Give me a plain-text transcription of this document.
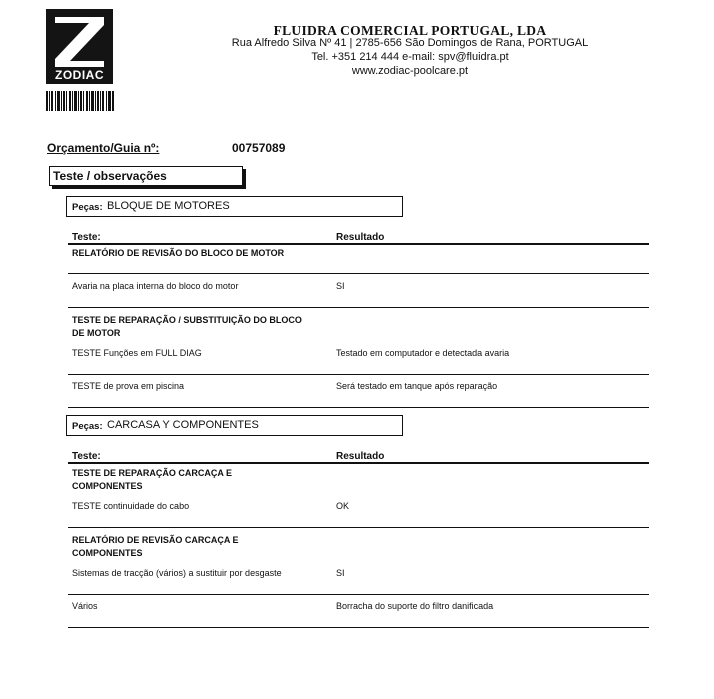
ZODIAC
FLUIDRA COMERCIAL PORTUGAL, LDA
Rua Alfredo Silva Nº 41 | 2785-656 São Domingos de Rana, PORTUGAL
Tel. +351 214 444 e-mail: spv@fluidra.pt
www.zodiac-poolcare.pt
Orçamento/Guia nº:	00757089
Teste / observações
Peças: BLOQUE DE MOTORES
Teste:	Resultado
RELATÓRIO DE REVISÃO DO BLOCO DE MOTOR
Avaria na placa interna do bloco do motor	SI
TESTE DE REPARAÇÃO / SUBSTITUIÇÃO DO BLOCO DE MOTOR
TESTE Funções em FULL DIAG	Testado em computador e detectada avaria
TESTE de prova em piscina	Será testado em tanque após reparação
Peças: CARCASA Y COMPONENTES
Teste:	Resultado
TESTE DE REPARAÇÃO CARCAÇA E COMPONENTES
TESTE continuidade do cabo	OK
RELATÓRIO DE REVISÃO CARCAÇA E COMPONENTES
Sistemas de tracção (vários) a sustituir por desgaste	SI
Vários	Borracha do suporte do filtro danificada
